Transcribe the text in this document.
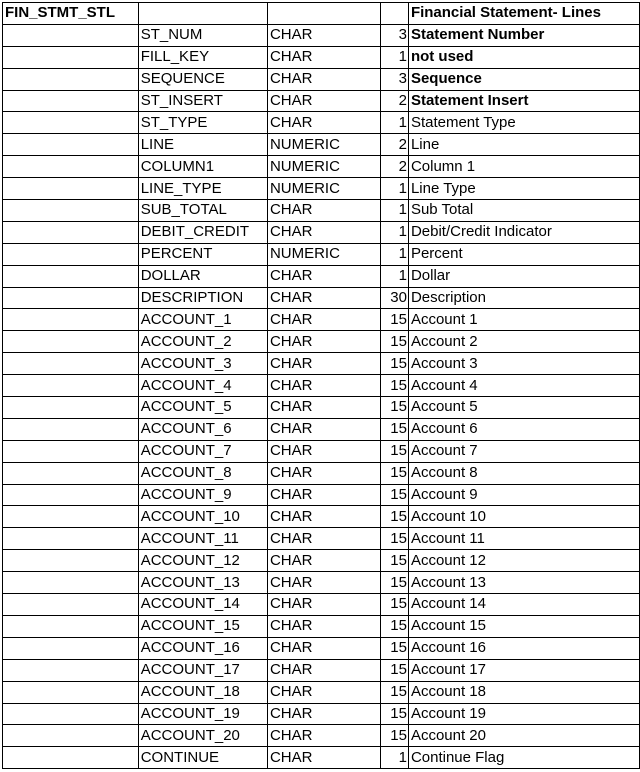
FIN_STMT_STL				Financial Statement- Lines
	ST_NUM	CHAR	3	Statement Number
	FILL_KEY	CHAR	1	not used
	SEQUENCE	CHAR	3	Sequence
	ST_INSERT	CHAR	2	Statement Insert
	ST_TYPE	CHAR	1	Statement Type
	LINE	NUMERIC	2	Line
	COLUMN1	NUMERIC	2	Column 1
	LINE_TYPE	NUMERIC	1	Line Type
	SUB_TOTAL	CHAR	1	Sub Total
	DEBIT_CREDIT	CHAR	1	Debit/Credit Indicator
	PERCENT	NUMERIC	1	Percent
	DOLLAR	CHAR	1	Dollar
	DESCRIPTION	CHAR	30	Description
	ACCOUNT_1	CHAR	15	Account 1
	ACCOUNT_2	CHAR	15	Account 2
	ACCOUNT_3	CHAR	15	Account 3
	ACCOUNT_4	CHAR	15	Account 4
	ACCOUNT_5	CHAR	15	Account 5
	ACCOUNT_6	CHAR	15	Account 6
	ACCOUNT_7	CHAR	15	Account 7
	ACCOUNT_8	CHAR	15	Account 8
	ACCOUNT_9	CHAR	15	Account 9
	ACCOUNT_10	CHAR	15	Account 10
	ACCOUNT_11	CHAR	15	Account 11
	ACCOUNT_12	CHAR	15	Account 12
	ACCOUNT_13	CHAR	15	Account 13
	ACCOUNT_14	CHAR	15	Account 14
	ACCOUNT_15	CHAR	15	Account 15
	ACCOUNT_16	CHAR	15	Account 16
	ACCOUNT_17	CHAR	15	Account 17
	ACCOUNT_18	CHAR	15	Account 18
	ACCOUNT_19	CHAR	15	Account 19
	ACCOUNT_20	CHAR	15	Account 20
	CONTINUE	CHAR	1	Continue Flag
